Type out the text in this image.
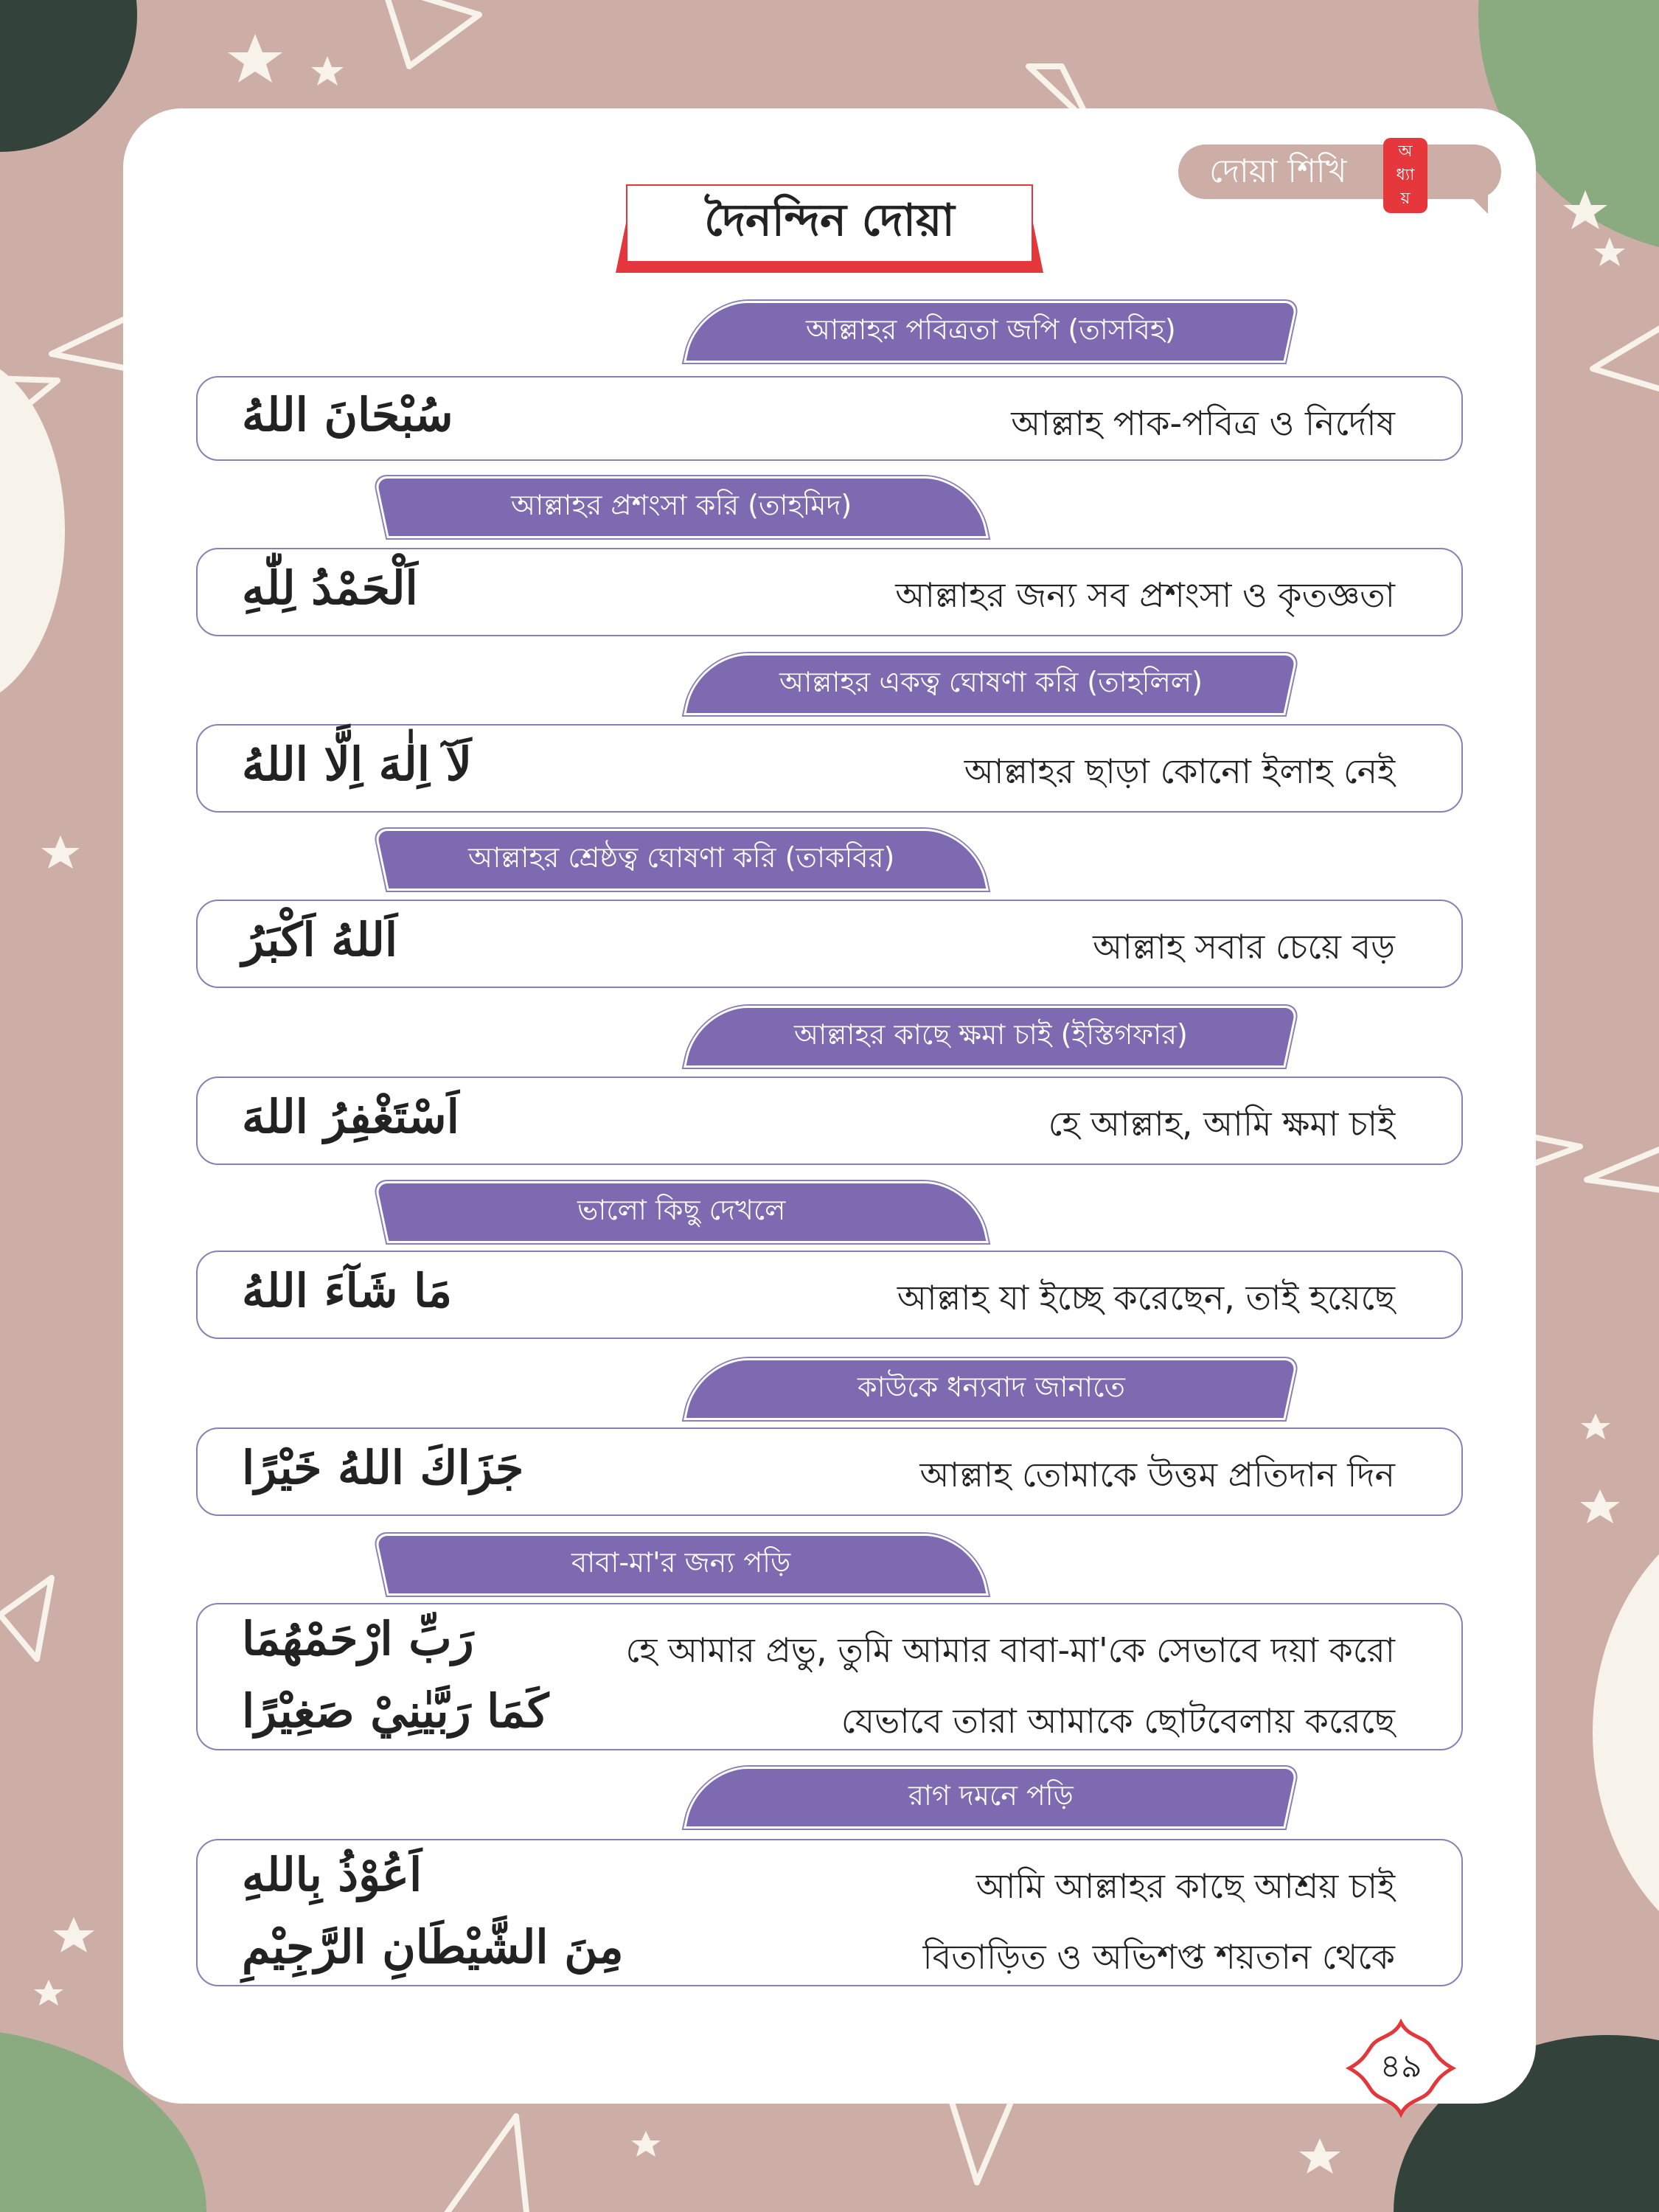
দোয়া শিখি
অ
ধ্যা
য়
দৈনন্দিন দোয়া
سُبْحَانَ اللهُ	আল্লাহ পাক-পবিত্র ও নির্দোষ
আল্লাহর পবিত্রতা জপি (তাসবিহ)
اَلْحَمْدُ لِلّٰهِ	আল্লাহর জন্য সব প্রশংসা ও কৃতজ্ঞতা
আল্লাহর প্রশংসা করি (তাহমিদ)
لَآ اِلٰهَ اِلَّا اللهُ	আল্লাহর ছাড়া কোনো ইলাহ নেই
আল্লাহর একত্ব ঘোষণা করি (তাহলিল)
اَللهُ اَكْبَرُ	আল্লাহ সবার চেয়ে বড়
আল্লাহর শ্রেষ্ঠত্ব ঘোষণা করি (তাকবির)
اَسْتَغْفِرُ اللهَ	হে আল্লাহ, আমি ক্ষমা চাই
আল্লাহর কাছে ক্ষমা চাই (ইস্তিগফার)
مَا شَآءَ اللهُ	আল্লাহ যা ইচ্ছে করেছেন, তাই হয়েছে
ভালো কিছু দেখলে
جَزَاكَ اللهُ خَيْرًا	আল্লাহ তোমাকে উত্তম প্রতিদান দিন
কাউকে ধন্যবাদ জানাতে
رَبِّ ارْحَمْهُمَا	হে আমার প্রভু, তুমি আমার বাবা-মা'কে সেভাবে দয়া করো
كَمَا رَبَّيٰنِيْ صَغِيْرًا	যেভাবে তারা আমাকে ছোটবেলায় করেছে
বাবা-মা'র জন্য পড়ি
اَعُوْذُ بِاللهِ	আমি আল্লাহর কাছে আশ্রয় চাই
مِنَ الشَّيْطَانِ الرَّجِيْمِ	বিতাড়িত ও অভিশপ্ত শয়তান থেকে
রাগ দমনে পড়ি
৪৯
